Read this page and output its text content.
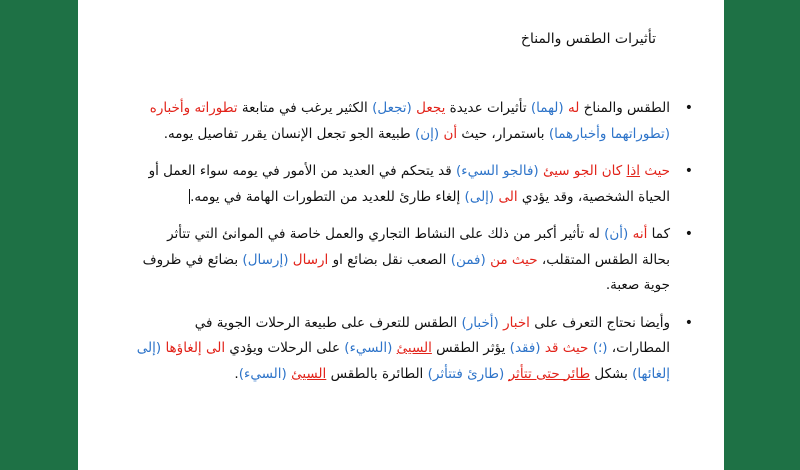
تأثيرات الطقس والمناخ
•
الطقس والمناخ له (لهما) تأثيرات عديدة يجعل (تجعل) الكثير يرغب في متابعة تطوراته وأخباره (تطوراتهما وأخبارهما) باستمرار، حيث أن (إن) طبيعة الجو تجعل الإنسان يقرر تفاصيل يومه.
•
حيث اذا كان الجو سيئ (فالجو السيء) قد يتحكم في العديد من الأمور في يومه سواء العمل أو الحياة الشخصية، وقد يؤدي الى (إلى) إلغاء طارئ للعديد من التطورات الهامة في يومه.
•
كما أنه (أن) له تأثير أكبر من ذلك على النشاط التجاري والعمل خاصة في الموانئ التي تتأثر بحالة الطقس المتقلب، حيث من (فمن) الصعب نقل بضائع او ارسال (إرسال) بضائع في ظروف جوية صعبة.
•
وأيضا نحتاج التعرف على اخبار (أخبار) الطقس للتعرف على طبيعة الرحلات الجوية في المطارات، (؛) حيث قد (فقد) يؤثر الطقس السيئ (السيء) على الرحلات ويؤدي الى إلغاؤها (إلى إلغائها) بشكل طائر حتى تتأثر (طارئ فتتأثر) الطائرة بالطقس السيئ (السيء).
